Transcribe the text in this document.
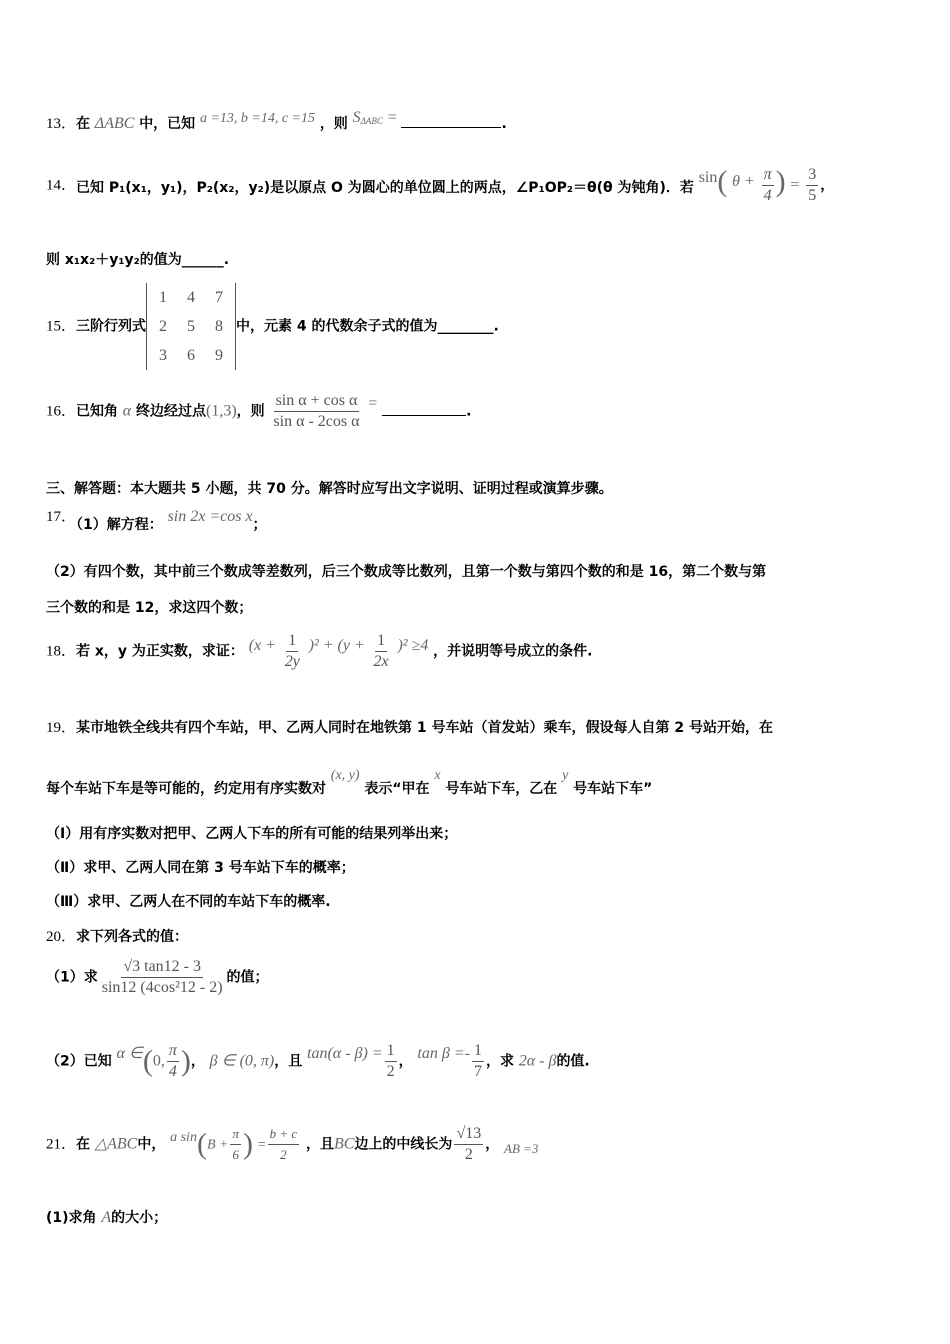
13．在 ΔABC 中，已知 a =13, b =14, c =15 ，则 $S^{\Delta ABC}$ =	.
14．已知 P₁(x₁，y₁)，P₂(x₂，y₂)是以原点 O 为圆心的单位圆上的两点，∠P₁OP₂＝θ(θ 为钝角)．若 sin( $\theta + \frac{\pi}{4}$ ) = $\frac{3}{5}$ ，
则 x₁x₂＋y₁y₂的值为______.
15．三阶行列式
1	4	7
2	5	8
3	6	9
中，元素 4 的代数余子式的值为________.
16．已知角 α 终边经过点(1,3)，则 $\frac{\text{sin α + cos α}}{\text{sin α - 2cos α}}$ =	.
三、解答题：本大题共 5 小题，共 70 分。解答时应写出文字说明、证明过程或演算步骤。
17．（1）解方程： sin 2x =cos x；
（2）有四个数，其中前三个数成等差数列，后三个数成等比数列，且第一个数与第四个数的和是 16，第二个数与第
三个数的和是 12，求这四个数；
18．若 x，y 为正实数，求证： $(x + \frac{1}{2y} )^2 + (y + \frac{1}{2x} )^2 \ge 4$ ，并说明等号成立的条件.
19．某市地铁全线共有四个车站，甲、乙两人同时在地铁第 1 号车站（首发站）乘车，假设每人自第 2 号站开始，在
每个车站下车是等可能的，约定用有序实数对 (x, y) 表示“甲在 x 号车站下车，乙在 y 号车站下车”
（Ⅰ）用有序实数对把甲、乙两人下车的所有可能的结果列举出来；
（Ⅱ）求甲、乙两人同在第 3 号车站下车的概率；
（Ⅲ）求甲、乙两人在不同的车站下车的概率.
20．求下列各式的值：
（1）求 $\frac{√3 \tan 12 - 3}{\text{sin12 (4cos²12 - 2)}}$ 的值；
（2）已知 α ∈(0, $\frac{\pi}{4}$ )， β ∈ (0, π)，且 $\tan(\alpha - \beta) = \frac{1}{2}$ ， $\tan \beta =- \frac{1}{7}$ ，求 2α - β的值.
21．在 △ABC中， a $\sin(B + \frac{\pi}{6}$ ) = $\frac{b + c}{2}$ ，且BC边上的中线长为 $\frac{√13}{2}$ ， AB =3
(1)求角 A的大小；
